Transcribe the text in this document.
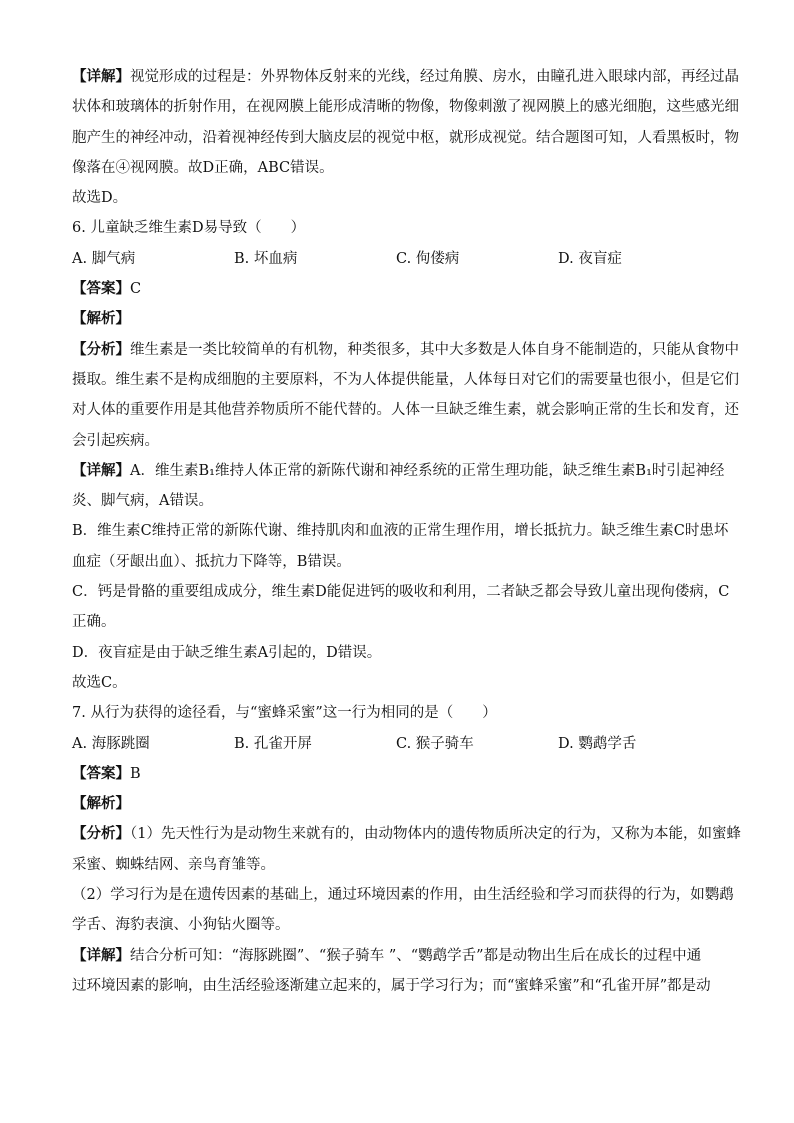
【详解】视觉形成的过程是：外界物体反射来的光线，经过角膜、房水，由瞳孔进入眼球内部，再经过晶
状体和玻璃体的折射作用，在视网膜上能形成清晰的物像，物像刺激了视网膜上的感光细胞，这些感光细
胞产生的神经冲动，沿着视神经传到大脑皮层的视觉中枢，就形成视觉。结合题图可知，人看黑板时，物
像落在④视网膜。故D正确，ABC错误。
故选D。
6. 儿童缺乏维生素D易导致（　　）
A. 脚气病	B. 坏血病	C. 佝偻病	D. 夜盲症
【答案】C
【解析】
【分析】维生素是一类比较简单的有机物，种类很多，其中大多数是人体自身不能制造的，只能从食物中
摄取。维生素不是构成细胞的主要原料，不为人体提供能量，人体每日对它们的需要量也很小，但是它们
对人体的重要作用是其他营养物质所不能代替的。人体一旦缺乏维生素，就会影响正常的生长和发育，还
会引起疾病。
【详解】A．维生素B₁维持人体正常的新陈代谢和神经系统的正常生理功能，缺乏维生素B₁时引起神经
炎、脚气病，A错误。
B．维生素C维持正常的新陈代谢、维持肌肉和血液的正常生理作用，增长抵抗力。缺乏维生素C时患坏
血症（牙龈出血）、抵抗力下降等，B错误。
C．钙是骨骼的重要组成成分，维生素D能促进钙的吸收和利用，二者缺乏都会导致儿童出现佝偻病，C
正确。
D．夜盲症是由于缺乏维生素A引起的，D错误。
故选C。
7. 从行为获得的途径看，与“蜜蜂采蜜”这一行为相同的是（　　）
A. 海豚跳圈	B. 孔雀开屏	C. 猴子骑车	D. 鹦鹉学舌
【答案】B
【解析】
【分析】（1）先天性行为是动物生来就有的，由动物体内的遗传物质所决定的行为，又称为本能，如蜜蜂
采蜜、蜘蛛结网、亲鸟育雏等。
（2）学习行为是在遗传因素的基础上，通过环境因素的作用，由生活经验和学习而获得的行为，如鹦鹉
学舌、海豹表演、小狗钻火圈等。
【详解】结合分析可知：“海豚跳圈”、“猴子骑车 ”、“鹦鹉学舌”都是动物出生后在成长的过程中通
过环境因素的影响，由生活经验逐渐建立起来的，属于学习行为；而“蜜蜂采蜜”和“孔雀开屏”都是动
